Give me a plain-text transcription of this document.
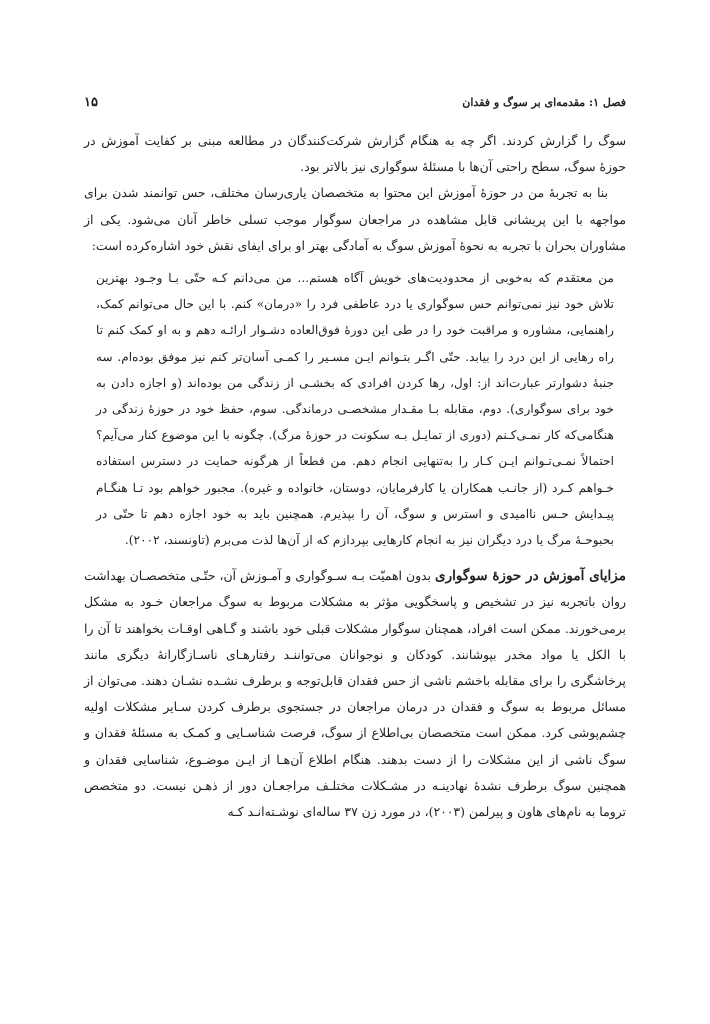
فصل ۱: مقدمه‌ای بر سوگ و فقدان
۱۵

سوگ را گزارش کردند. اگر چه به هنگام گزارش شرکت‌کنندگان در مطالعه مبنی بر کفایت آموزش در حوزهٔ سوگ، سطح راحتی آن‌ها با مسئلهٔ سوگواری نیز بالاتر بود.

بنا به تجربهٔ من در حوزهٔ آموزش این محتوا به متخصصان یاری‌رسان مختلف، حس توانمند شدن برای مواجهه با این پریشانی قابل مشاهده در مراجعان سوگوار موجب تسلی خاطر آنان می‌شود. یکی از مشاوران بحران با تجربه به نحوهٔ آموزش سوگ به آمادگی بهتر او برای ایفای نقش خود اشاره‌کرده است:

من معتقدم که به‌خوبی از محدودیت‌های خویش آگاه هستم... من می‌دانم کـه حتّی بـا وجـود بهترین تلاش خود نیز نمی‌توانم حس سوگواری یا درد عاطفی فرد را «درمان» کنم. با این حال می‌توانم کمک، راهنمایی، مشاوره و مراقبت خود را در طی این دورهٔ فوق‌العاده دشـوار ارائـه دهم و به او کمک کنم تا راه رهایی از این درد را بیابد. حتّی اگـر بتـوانم ایـن مسـیر را کمـی آسان‌تر کنم نیز موفق بوده‌ام. سه جنبهٔ دشوارتر عبارت‌اند از: اول، رها کردن افرادی که بخشـی از زندگی من بوده‌اند (و اجازه دادن به خود برای سوگواری). دوم، مقابله بـا مقـدار مشخصـی درماندگی. سوم، حفظ خود در حوزهٔ زندگی در هنگامی‌که کار نمـی‌کـنم (دوری از تمایـل بـه سکونت در حوزهٔ مرگ). چگونه با این موضوع کنار می‌آیم؟ احتمالاً نمـی‌تـوانم ایـن کـار را به‌تنهایی انجام دهم. من قطعاً از هرگونه حمایت در دسترس استفاده خـواهم کـرد (از جانـب همکاران یا کارفرمایان، دوستان، خانواده و غیره). مجبور خواهم بود تـا هنگـام پیـدایش حـس ناامیدی و استرس و سوگ، آن را بپذیرم. همچنین باید به خود اجازه دهم تا حتّی در بحبوحـهٔ مرگ یا درد دیگران نیز به انجام کارهایی بپردازم که از آن‌ها لذت می‌برم (تاونسند، ۲۰۰۲).

مزایای آموزش در حوزهٔ سوگواری بدون اهمیّت بـه سـوگواری و آمـوزش آن، حتّـی متخصصـان بهداشت روان باتجربه نیز در تشخیص و پاسخگویی مؤثر به مشکلات مربوط به سوگ مراجعان خـود به مشکل برمی‌خورند. ممکن است افراد، همچنان سوگوار مشکلات قبلی خود باشند و گـاهی اوقـات بخواهند تا آن را با الکل یا مواد مخدر بپوشانند. کودکان و نوجوانان می‌تواننـد رفتارهـای ناسـازگارانهٔ دیگری مانند پرخاشگری را برای مقابله باخشم ناشی از حس فقدان قابل‌توجه و برطرف نشـده نشـان دهند. می‌توان از مسائل مربوط به سوگ و فقدان در درمان مراجعان در جستجوی برطرف کردن سـایر مشکلات اولیه چشم‌پوشی کرد. ممکن است متخصصان بی‌اطلاع از سوگ، فرصت شناسـایی و کمـک به مسئلهٔ فقدان و سوگ ناشی از این مشکلات را از دست بدهند. هنگام اطلاع آن‌هـا از ایـن موضـوع، شناسایی فقدان و همچنین سوگ برطرف نشدهٔ نهادینـه در مشـکلات مختلـف مراجعـان دور از ذهـن نیست. دو متخصص تروما به نام‌های هاون و پیرلمن (۲۰۰۳)، در مورد زن ۳۷ ساله‌ای نوشـته‌انـد کـه
